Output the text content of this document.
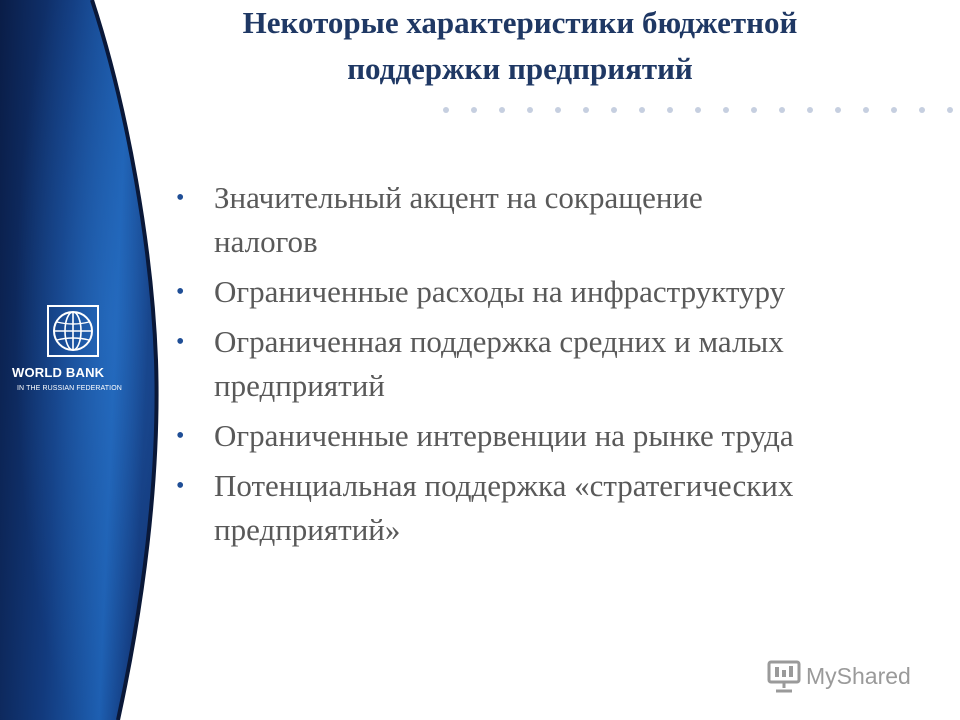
WORLD BANK
IN THE RUSSIAN FEDERATION
Некоторые характеристики бюджетной
поддержки предприятий
• Значительный акцент на сокращение
налогов
• Ограниченные расходы на инфраструктуру
• Ограниченная поддержка средних и малых
предприятий
• Ограниченные интервенции на рынке труда
• Потенциальная поддержка «стратегических
предприятий»
MyShared
